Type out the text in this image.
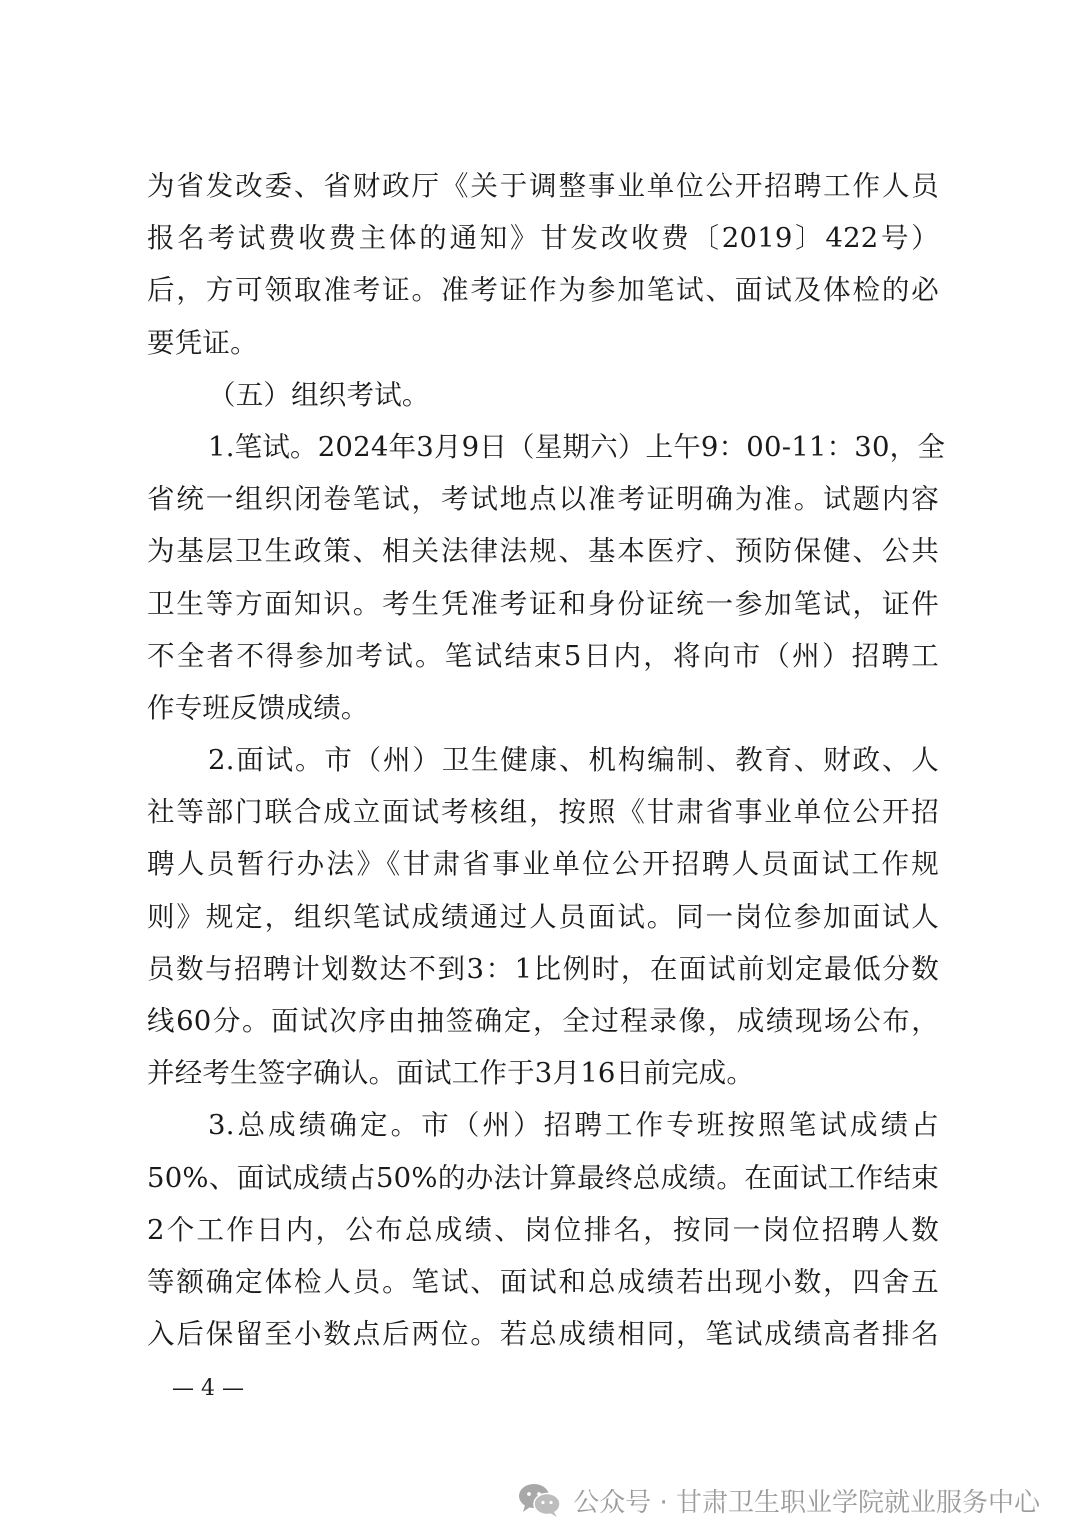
为省发改委、省财政厅《关于调整事业单位公开招聘工作人员
报名考试费收费主体的通知》甘发改收费〔2019〕422号）
后，方可领取准考证。准考证作为参加笔试、面试及体检的必
要凭证。
（五）组织考试。
1.笔试。2024年3月9日（星期六）上午9：00-11：30，全
省统一组织闭卷笔试，考试地点以准考证明确为准。试题内容
为基层卫生政策、相关法律法规、基本医疗、预防保健、公共
卫生等方面知识。考生凭准考证和身份证统一参加笔试，证件
不全者不得参加考试。笔试结束5日内，将向市（州）招聘工
作专班反馈成绩。
2.面试。市（州）卫生健康、机构编制、教育、财政、人
社等部门联合成立面试考核组，按照《甘肃省事业单位公开招
聘人员暂行办法》《甘肃省事业单位公开招聘人员面试工作规
则》规定，组织笔试成绩通过人员面试。同一岗位参加面试人
员数与招聘计划数达不到3：1比例时，在面试前划定最低分数
线60分。面试次序由抽签确定，全过程录像，成绩现场公布，
并经考生签字确认。面试工作于3月16日前完成。
3.总成绩确定。市（州）招聘工作专班按照笔试成绩占
50%、面试成绩占50%的办法计算最终总成绩。在面试工作结束
2个工作日内，公布总成绩、岗位排名，按同一岗位招聘人数
等额确定体检人员。笔试、面试和总成绩若出现小数，四舍五
入后保留至小数点后两位。若总成绩相同，笔试成绩高者排名
— 4 —
公众号 · 甘肃卫生职业学院就业服务中心
